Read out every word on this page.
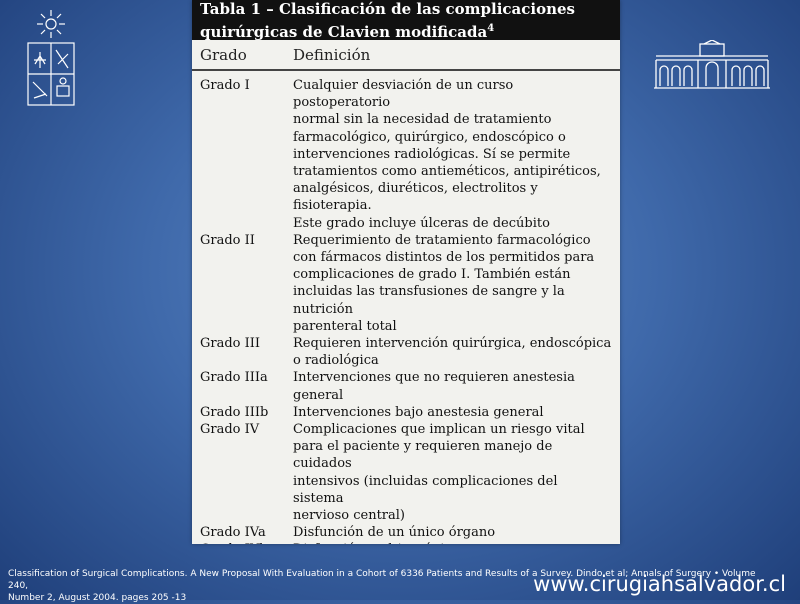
Tabla 1 – Clasificación de las complicaciones quirúrgicas de Clavien modificada$^4$
Grado	Definición
Grado I	Cualquier desviación de un curso postoperatorio
normal sin la necesidad de tratamiento
farmacológico, quirúrgico, endoscópico o
intervenciones radiológicas. Sí se permite
tratamientos como antieméticos, antipiréticos,
analgésicos, diuréticos, electrolitos y fisioterapia.
Este grado incluye úlceras de decúbito
Grado II	Requerimiento de tratamiento farmacológico
con fármacos distintos de los permitidos para
complicaciones de grado I. También están
incluidas las transfusiones de sangre y la nutrición
parenteral total
Grado III	Requieren intervención quirúrgica, endoscópica
o radiológica
Grado IIIa	Intervenciones que no requieren anestesia general
Grado IIIb	Intervenciones bajo anestesia general
Grado IV	Complicaciones que implican un riesgo vital
para el paciente y requieren manejo de cuidados
intensivos (incluidas complicaciones del sistema
nervioso central)
Grado IVa	Disfunción de un único órgano
Classification of Surgical Complications. A New Proposal With Evaluation in a Cohort of 6336 Patients and Results of a Survey. Dindo et al; Annals of Surgery • Volume 240,
Number 2, August 2004. pages 205 -13
www.cirugiahsalvador.cl
